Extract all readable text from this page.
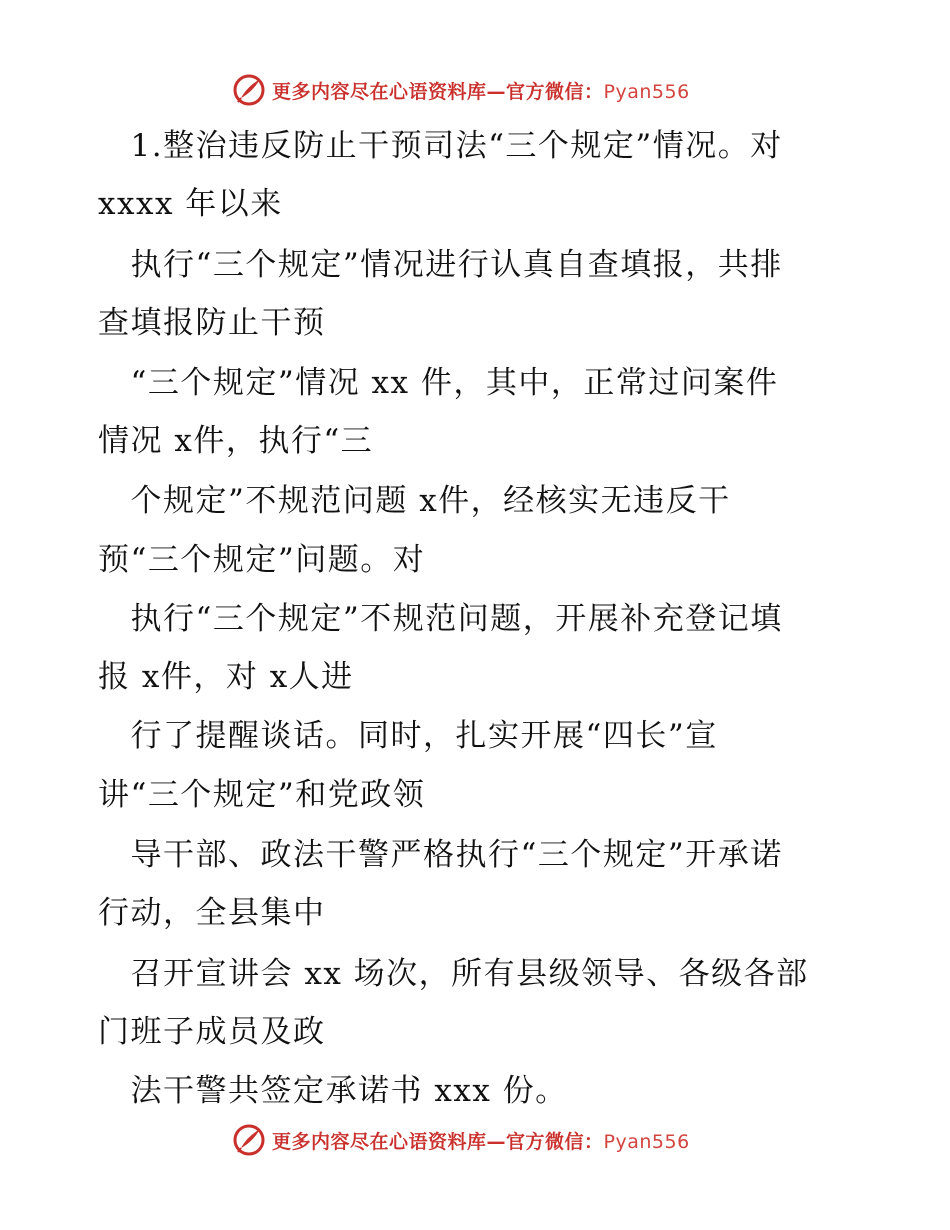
更多内容尽在心语资料库—官方微信：Pyan556
　1.整治违反防止干预司法“三个规定”情况。对
xxxx 年以来
　执行“三个规定”情况进行认真自查填报，共排
查填报防止干预
　“三个规定”情况 xx 件，其中，正常过问案件
情况 x件，执行“三
　个规定”不规范问题 x件，经核实无违反干
预“三个规定”问题。对
　执行“三个规定”不规范问题，开展补充登记填
报 x件，对 x人进
　行了提醒谈话。同时，扎实开展“四长”宣
讲“三个规定”和党政领
　导干部、政法干警严格执行“三个规定”开承诺
行动，全县集中
　召开宣讲会 xx 场次，所有县级领导、各级各部
门班子成员及政
　法干警共签定承诺书 xxx 份。
更多内容尽在心语资料库—官方微信：Pyan556
